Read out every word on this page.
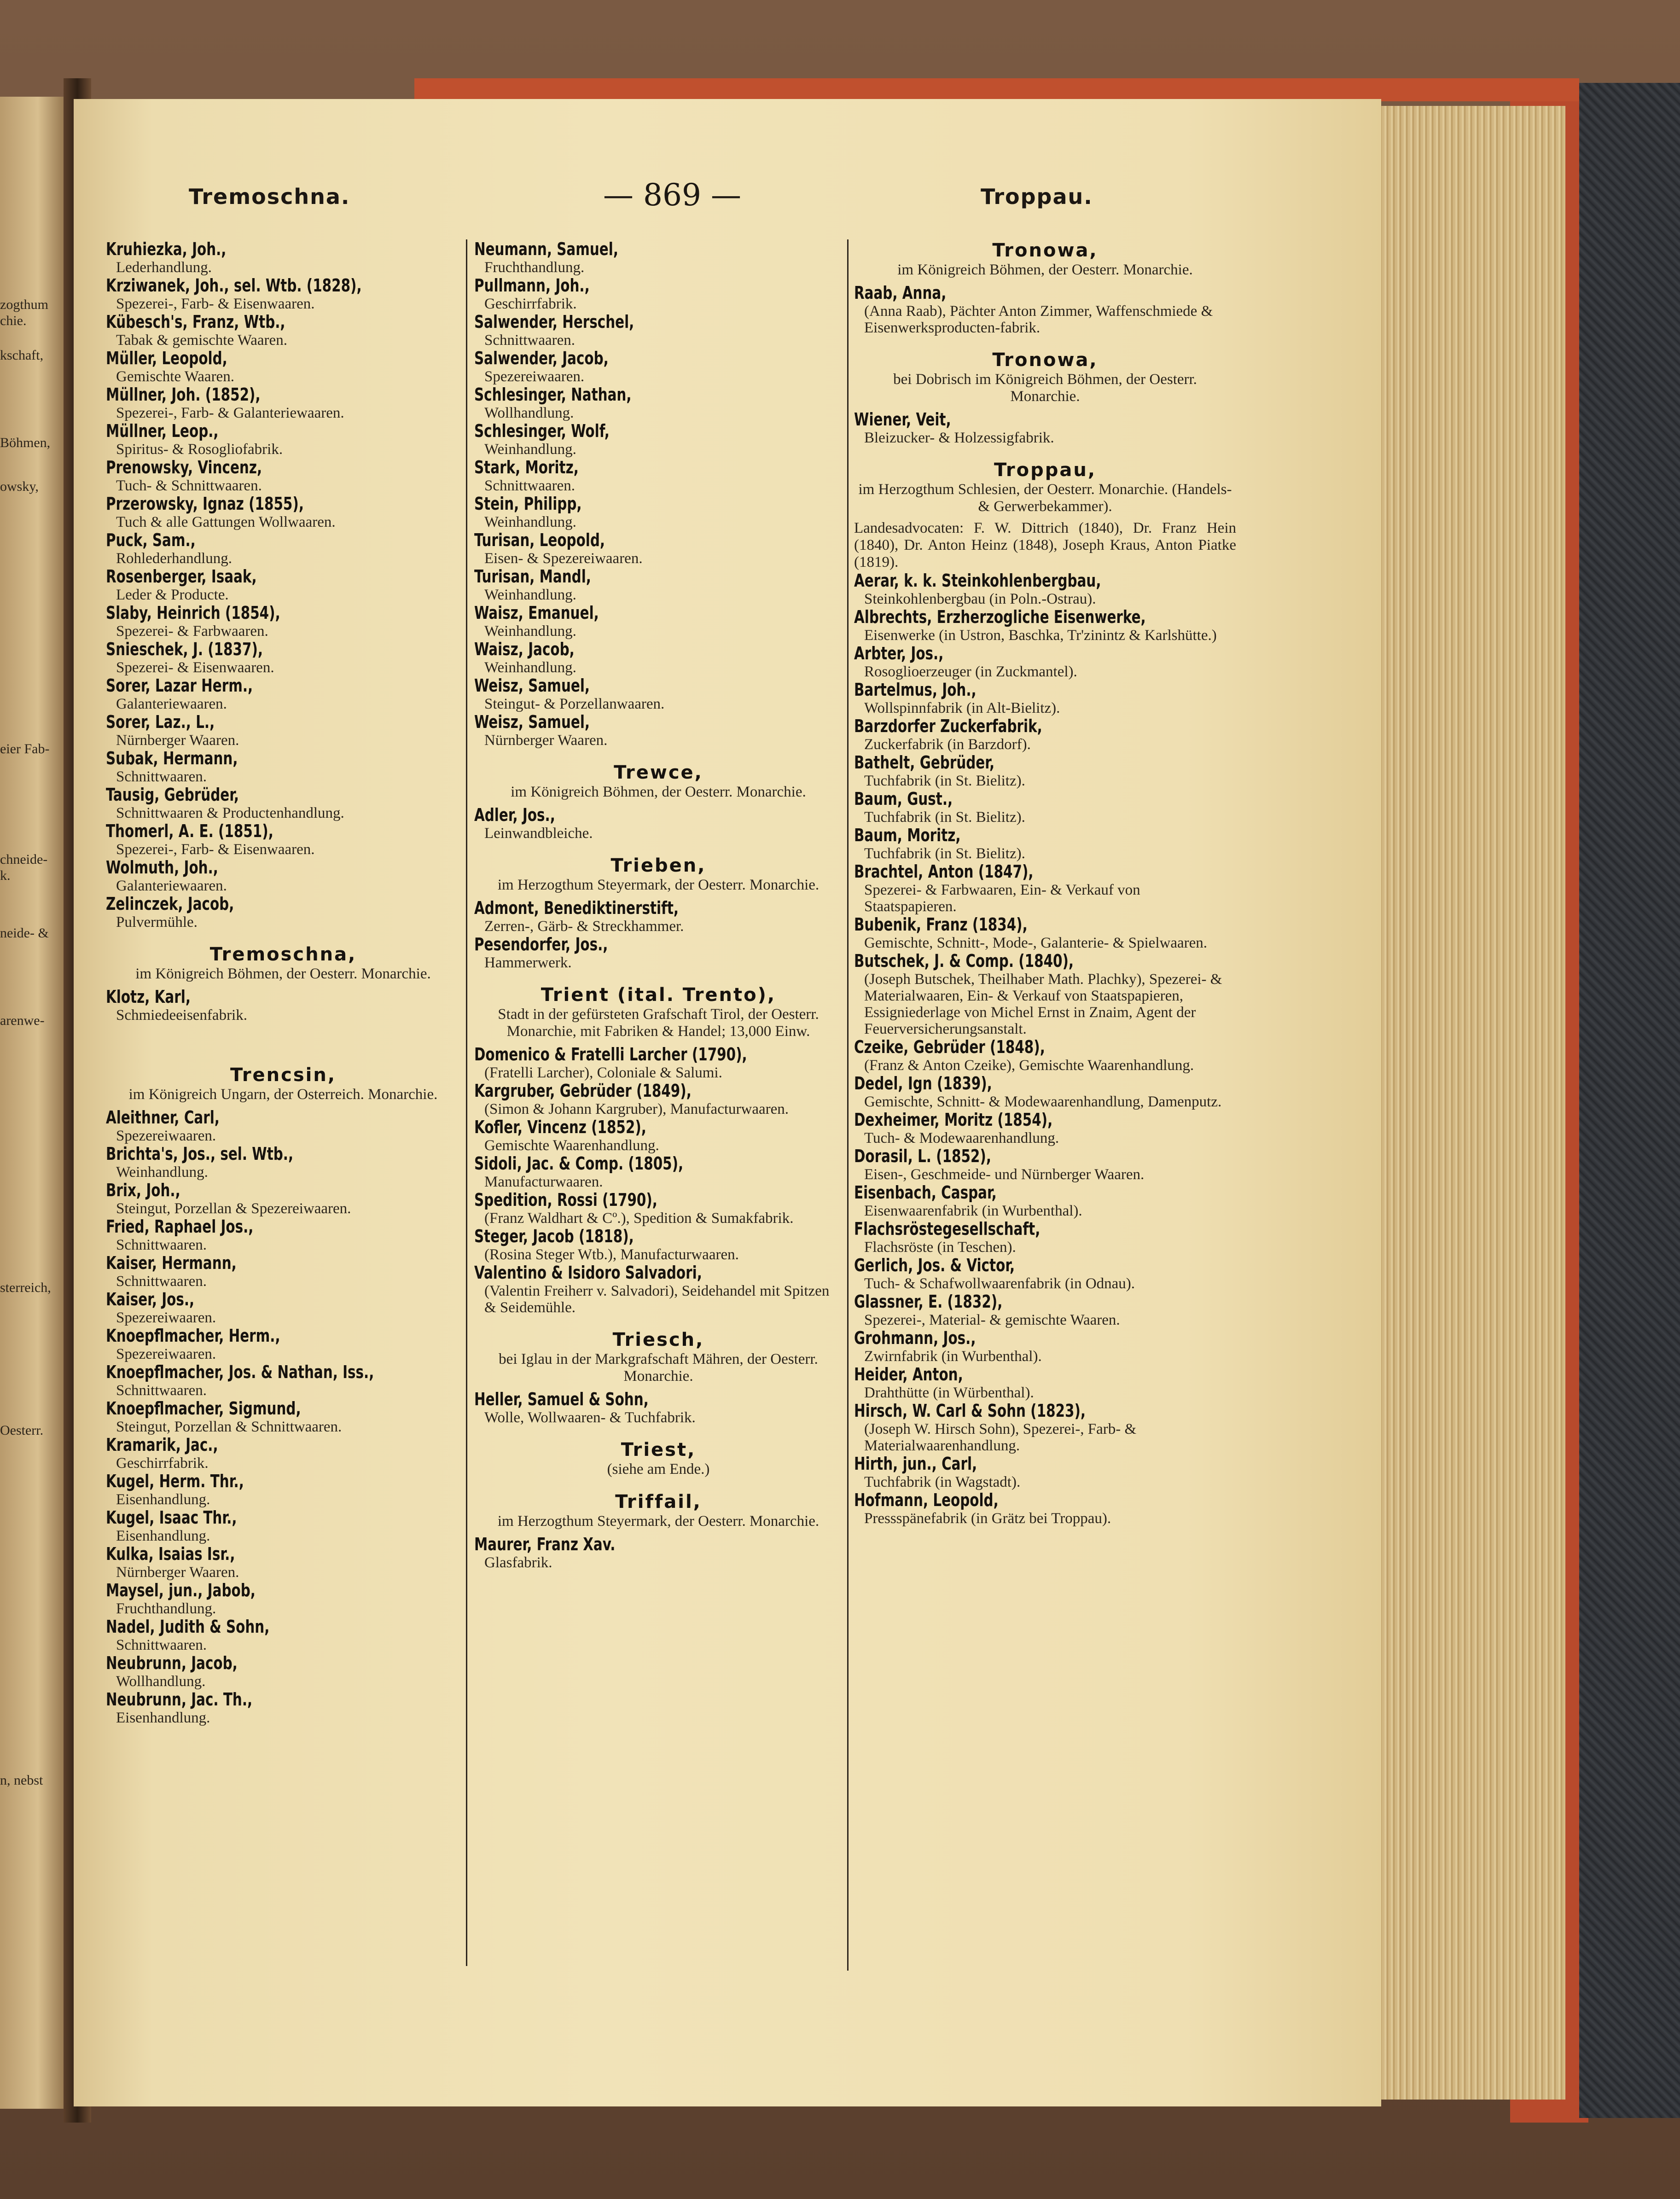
zogthum
chie.
kschaft,
Böhmen,
owsky,
eier Fab-
chneide-
k.
neide- &
arenwe-
sterreich,
Oesterr.
n, nebst
Tremoschna.	— 869 —	Troppau.
Kruhiezka, Joh.,
Lederhandlung.
Krziwanek, Joh., sel. Wtb. (1828),
Spezerei-, Farb- & Eisenwaaren.
Kübesch's, Franz, Wtb.,
Tabak & gemischte Waaren.
Müller, Leopold,
Gemischte Waaren.
Müllner, Joh. (1852),
Spezerei-, Farb- & Galanteriewaaren.
Müllner, Leop.,
Spiritus- & Rosogliofabrik.
Prenowsky, Vincenz,
Tuch- & Schnittwaaren.
Przerowsky, Ignaz (1855),
Tuch & alle Gattungen Wollwaaren.
Puck, Sam.,
Rohlederhandlung.
Rosenberger, Isaak,
Leder & Producte.
Slaby, Heinrich (1854),
Spezerei- & Farbwaaren.
Snieschek, J. (1837),
Spezerei- & Eisenwaaren.
Sorer, Lazar Herm.,
Galanteriewaaren.
Sorer, Laz., L.,
Nürnberger Waaren.
Subak, Hermann,
Schnittwaaren.
Tausig, Gebrüder,
Schnittwaaren & Productenhandlung.
Thomerl, A. E. (1851),
Spezerei-, Farb- & Eisenwaaren.
Wolmuth, Joh.,
Galanteriewaaren.
Zelinczek, Jacob,
Pulvermühle.
Tremoschna,
im Königreich Böhmen, der Oesterr. Monarchie.
Klotz, Karl,
Schmiedeeisenfabrik.
Trencsin,
im Königreich Ungarn, der Osterreich. Monarchie.
Aleithner, Carl,
Spezereiwaaren.
Brichta's, Jos., sel. Wtb.,
Weinhandlung.
Brix, Joh.,
Steingut, Porzellan & Spezereiwaaren.
Fried, Raphael Jos.,
Schnittwaaren.
Kaiser, Hermann,
Schnittwaaren.
Kaiser, Jos.,
Spezereiwaaren.
Knoepflmacher, Herm.,
Spezereiwaaren.
Knoepflmacher, Jos. & Nathan, Iss.,
Schnittwaaren.
Knoepflmacher, Sigmund,
Steingut, Porzellan & Schnittwaaren.
Kramarik, Jac.,
Geschirrfabrik.
Kugel, Herm. Thr.,
Eisenhandlung.
Kugel, Isaac Thr.,
Eisenhandlung.
Kulka, Isaias Isr.,
Nürnberger Waaren.
Maysel, jun., Jabob,
Fruchthandlung.
Nadel, Judith & Sohn,
Schnittwaaren.
Neubrunn, Jacob,
Wollhandlung.
Neubrunn, Jac. Th.,
Eisenhandlung.
Neumann, Samuel,
Fruchthandlung.
Pullmann, Joh.,
Geschirrfabrik.
Salwender, Herschel,
Schnittwaaren.
Salwender, Jacob,
Spezereiwaaren.
Schlesinger, Nathan,
Wollhandlung.
Schlesinger, Wolf,
Weinhandlung.
Stark, Moritz,
Schnittwaaren.
Stein, Philipp,
Weinhandlung.
Turisan, Leopold,
Eisen- & Spezereiwaaren.
Turisan, Mandl,
Weinhandlung.
Waisz, Emanuel,
Weinhandlung.
Waisz, Jacob,
Weinhandlung.
Weisz, Samuel,
Steingut- & Porzellanwaaren.
Weisz, Samuel,
Nürnberger Waaren.
Trewce,
im Königreich Böhmen, der Oesterr. Monarchie.
Adler, Jos.,
Leinwandbleiche.
Trieben,
im Herzogthum Steyermark, der Oesterr. Monarchie.
Admont, Benediktinerstift,
Zerren-, Gärb- & Streckhammer.
Pesendorfer, Jos.,
Hammerwerk.
Trient (ital. Trento),
Stadt in der gefürsteten Grafschaft Tirol, der Oesterr. Monarchie, mit Fabriken & Handel; 13,000 Einw.
Domenico & Fratelli Larcher (1790),
(Fratelli Larcher), Coloniale & Salumi.
Kargruber, Gebrüder (1849),
(Simon & Johann Kargruber), Manufacturwaaren.
Kofler, Vincenz (1852),
Gemischte Waarenhandlung.
Sidoli, Jac. & Comp. (1805),
Manufacturwaaren.
Spedition, Rossi (1790),
(Franz Waldhart & Cº.), Spedition & Sumakfabrik.
Steger, Jacob (1818),
(Rosina Steger Wtb.), Manufacturwaaren.
Valentino & Isidoro Salvadori,
(Valentin Freiherr v. Salvadori), Seidehandel mit Spitzen & Seidemühle.
Triesch,
bei Iglau in der Markgrafschaft Mähren, der Oesterr. Monarchie.
Heller, Samuel & Sohn,
Wolle, Wollwaaren- & Tuchfabrik.
Triest,
(siehe am Ende.)
Triffail,
im Herzogthum Steyermark, der Oesterr. Monarchie.
Maurer, Franz Xav.
Glasfabrik.
Tronowa,
im Königreich Böhmen, der Oesterr. Monarchie.
Raab, Anna,
(Anna Raab), Pächter Anton Zimmer, Waffenschmiede & Eisenwerksproducten-fabrik.
Tronowa,
bei Dobrisch im Königreich Böhmen, der Oesterr. Monarchie.
Wiener, Veit,
Bleizucker- & Holzessigfabrik.
Troppau,
im Herzogthum Schlesien, der Oesterr. Monarchie. (Handels- & Gerwerbekammer).
Landesadvocaten: F. W. Dittrich (1840), Dr. Franz Hein (1840), Dr. Anton Heinz (1848), Joseph Kraus, Anton Piatke (1819).
Aerar, k. k. Steinkohlenbergbau,
Steinkohlenbergbau (in Poln.-Ostrau).
Albrechts, Erzherzogliche Eisenwerke,
Eisenwerke (in Ustron, Baschka, Tr'zinintz & Karlshütte.)
Arbter, Jos.,
Rosoglioerzeuger (in Zuckmantel).
Bartelmus, Joh.,
Wollspinnfabrik (in Alt-Bielitz).
Barzdorfer Zuckerfabrik,
Zuckerfabrik (in Barzdorf).
Bathelt, Gebrüder,
Tuchfabrik (in St. Bielitz).
Baum, Gust.,
Tuchfabrik (in St. Bielitz).
Baum, Moritz,
Tuchfabrik (in St. Bielitz).
Brachtel, Anton (1847),
Spezerei- & Farbwaaren, Ein- & Verkauf von Staatspapieren.
Bubenik, Franz (1834),
Gemischte, Schnitt-, Mode-, Galanterie- & Spielwaaren.
Butschek, J. & Comp. (1840),
(Joseph Butschek, Theilhaber Math. Plachky), Spezerei- & Materialwaaren, Ein- & Verkauf von Staatspapieren, Essigniederlage von Michel Ernst in Znaim, Agent der Feuerversicherungsanstalt.
Czeike, Gebrüder (1848),
(Franz & Anton Czeike), Gemischte Waarenhandlung.
Dedel, Ign (1839),
Gemischte, Schnitt- & Modewaarenhandlung, Damenputz.
Dexheimer, Moritz (1854),
Tuch- & Modewaarenhandlung.
Dorasil, L. (1852),
Eisen-, Geschmeide- und Nürnberger Waaren.
Eisenbach, Caspar,
Eisenwaarenfabrik (in Wurbenthal).
Flachsröstegesellschaft,
Flachsröste (in Teschen).
Gerlich, Jos. & Victor,
Tuch- & Schafwollwaarenfabrik (in Odnau).
Glassner, E. (1832),
Spezerei-, Material- & gemischte Waaren.
Grohmann, Jos.,
Zwirnfabrik (in Wurbenthal).
Heider, Anton,
Drahthütte (in Würbenthal).
Hirsch, W. Carl & Sohn (1823),
(Joseph W. Hirsch Sohn), Spezerei-, Farb- & Materialwaarenhandlung.
Hirth, jun., Carl,
Tuchfabrik (in Wagstadt).
Hofmann, Leopold,
Pressspänefabrik (in Grätz bei Troppau).
